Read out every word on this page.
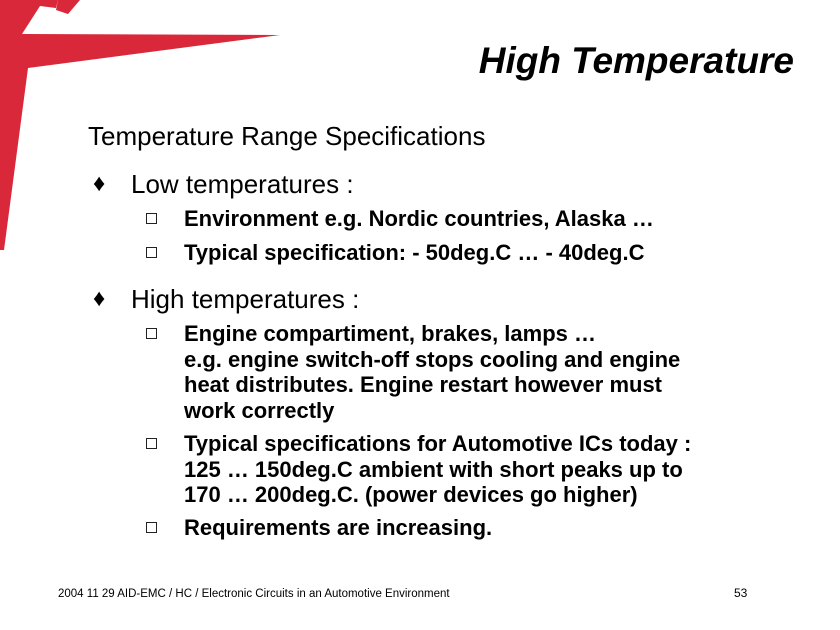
High Temperature
Temperature Range Specifications
♦ Low temperatures :
Environment e.g. Nordic countries, Alaska …
Typical specification: - 50deg.C … - 40deg.C
♦ High temperatures :
Engine compartiment, brakes, lamps …
e.g. engine switch-off stops cooling and engine
heat distributes. Engine restart however must
work correctly
Typical specifications for Automotive ICs today :
125 … 150deg.C ambient with short peaks up to
170 … 200deg.C. (power devices go higher)
Requirements are increasing.
2004 11 29 AID-EMC / HC / Electronic Circuits in an Automotive Environment	53
